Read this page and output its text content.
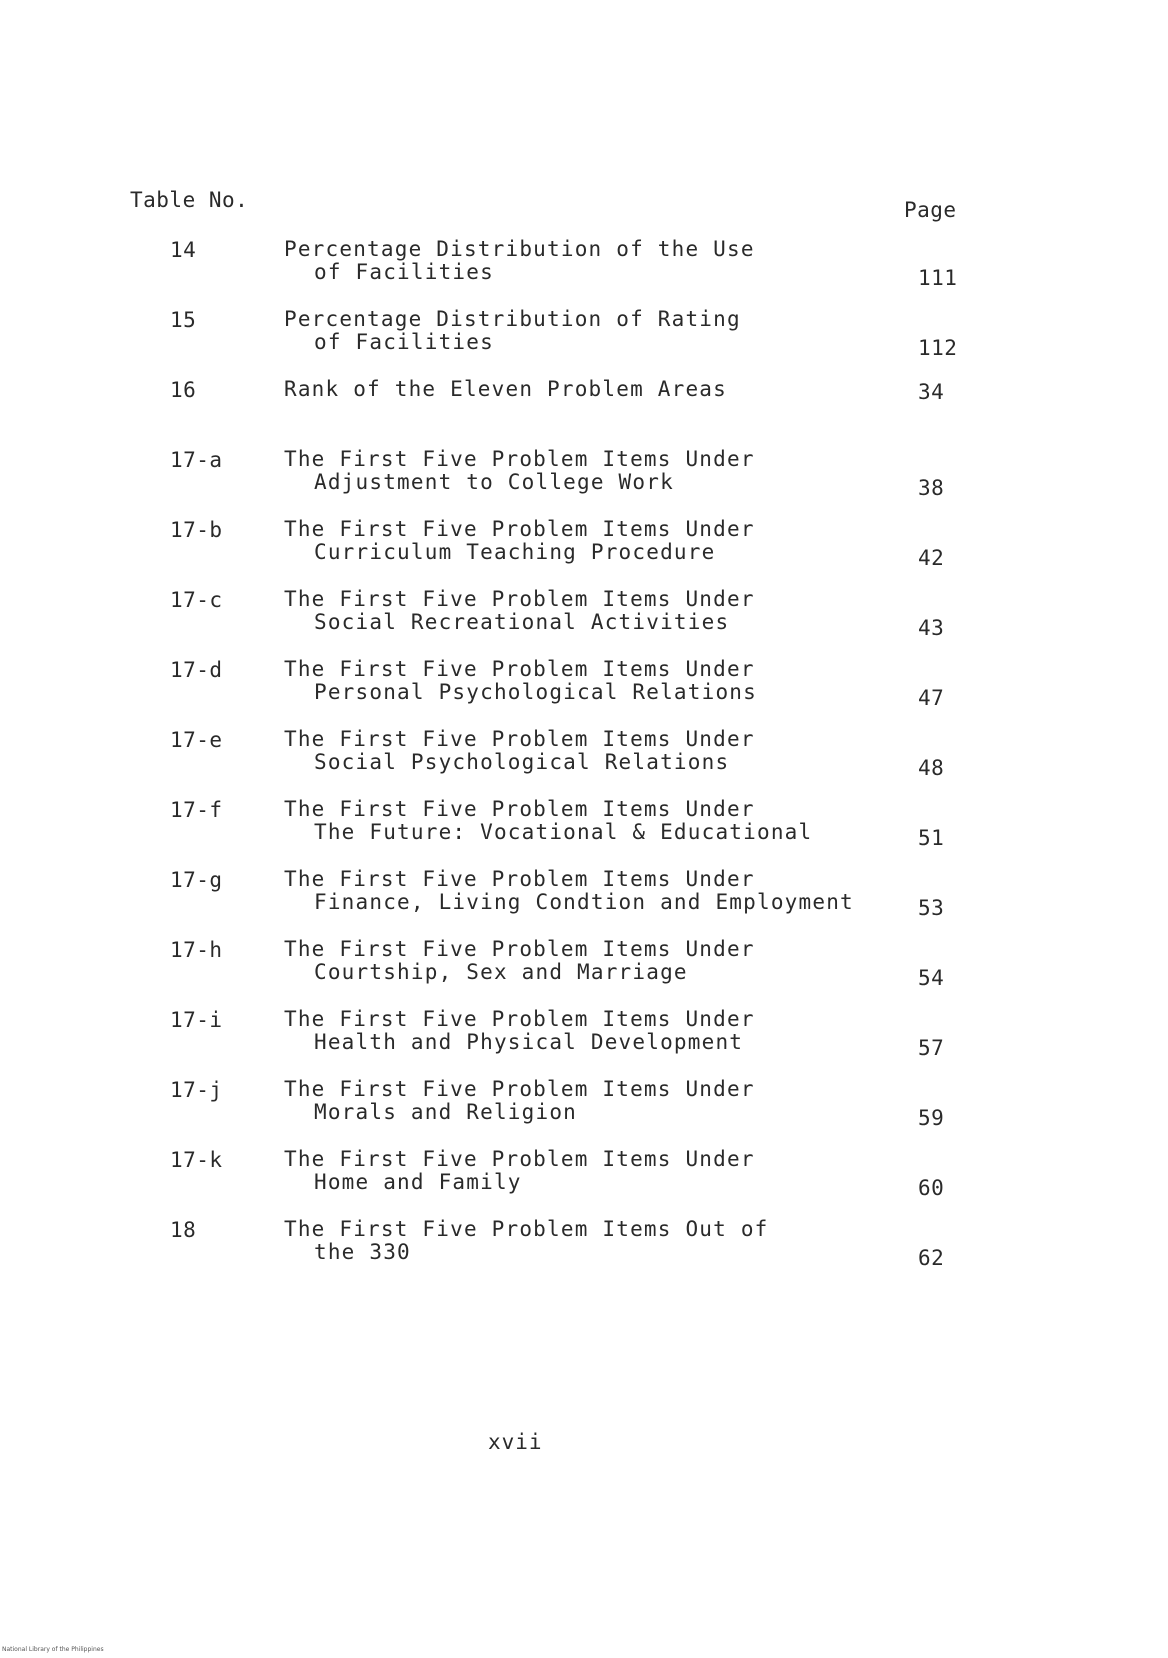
Table No.	Page
14	Percentage Distribution of the Use
of Facilities	111
15	Percentage Distribution of Rating
of Facilities	112
16	Rank of the Eleven Problem Areas	34
17-a	The First Five Problem Items Under
Adjustment to College Work	38
17-b	The First Five Problem Items Under
Curriculum Teaching Procedure	42
17-c	The First Five Problem Items Under
Social Recreational Activities	43
17-d	The First Five Problem Items Under
Personal Psychological Relations	47
17-e	The First Five Problem Items Under
Social Psychological Relations	48
17-f	The First Five Problem Items Under
The Future: Vocational & Educational	51
17-g	The First Five Problem Items Under
Finance, Living Condtion and Employment	53
17-h	The First Five Problem Items Under
Courtship, Sex and Marriage	54
17-i	The First Five Problem Items Under
Health and Physical Development	57
17-j	The First Five Problem Items Under
Morals and Religion	59
17-k	The First Five Problem Items Under
Home and Family	60
18	The First Five Problem Items Out of
the 330	62
xvii
National Library of the Philippines
